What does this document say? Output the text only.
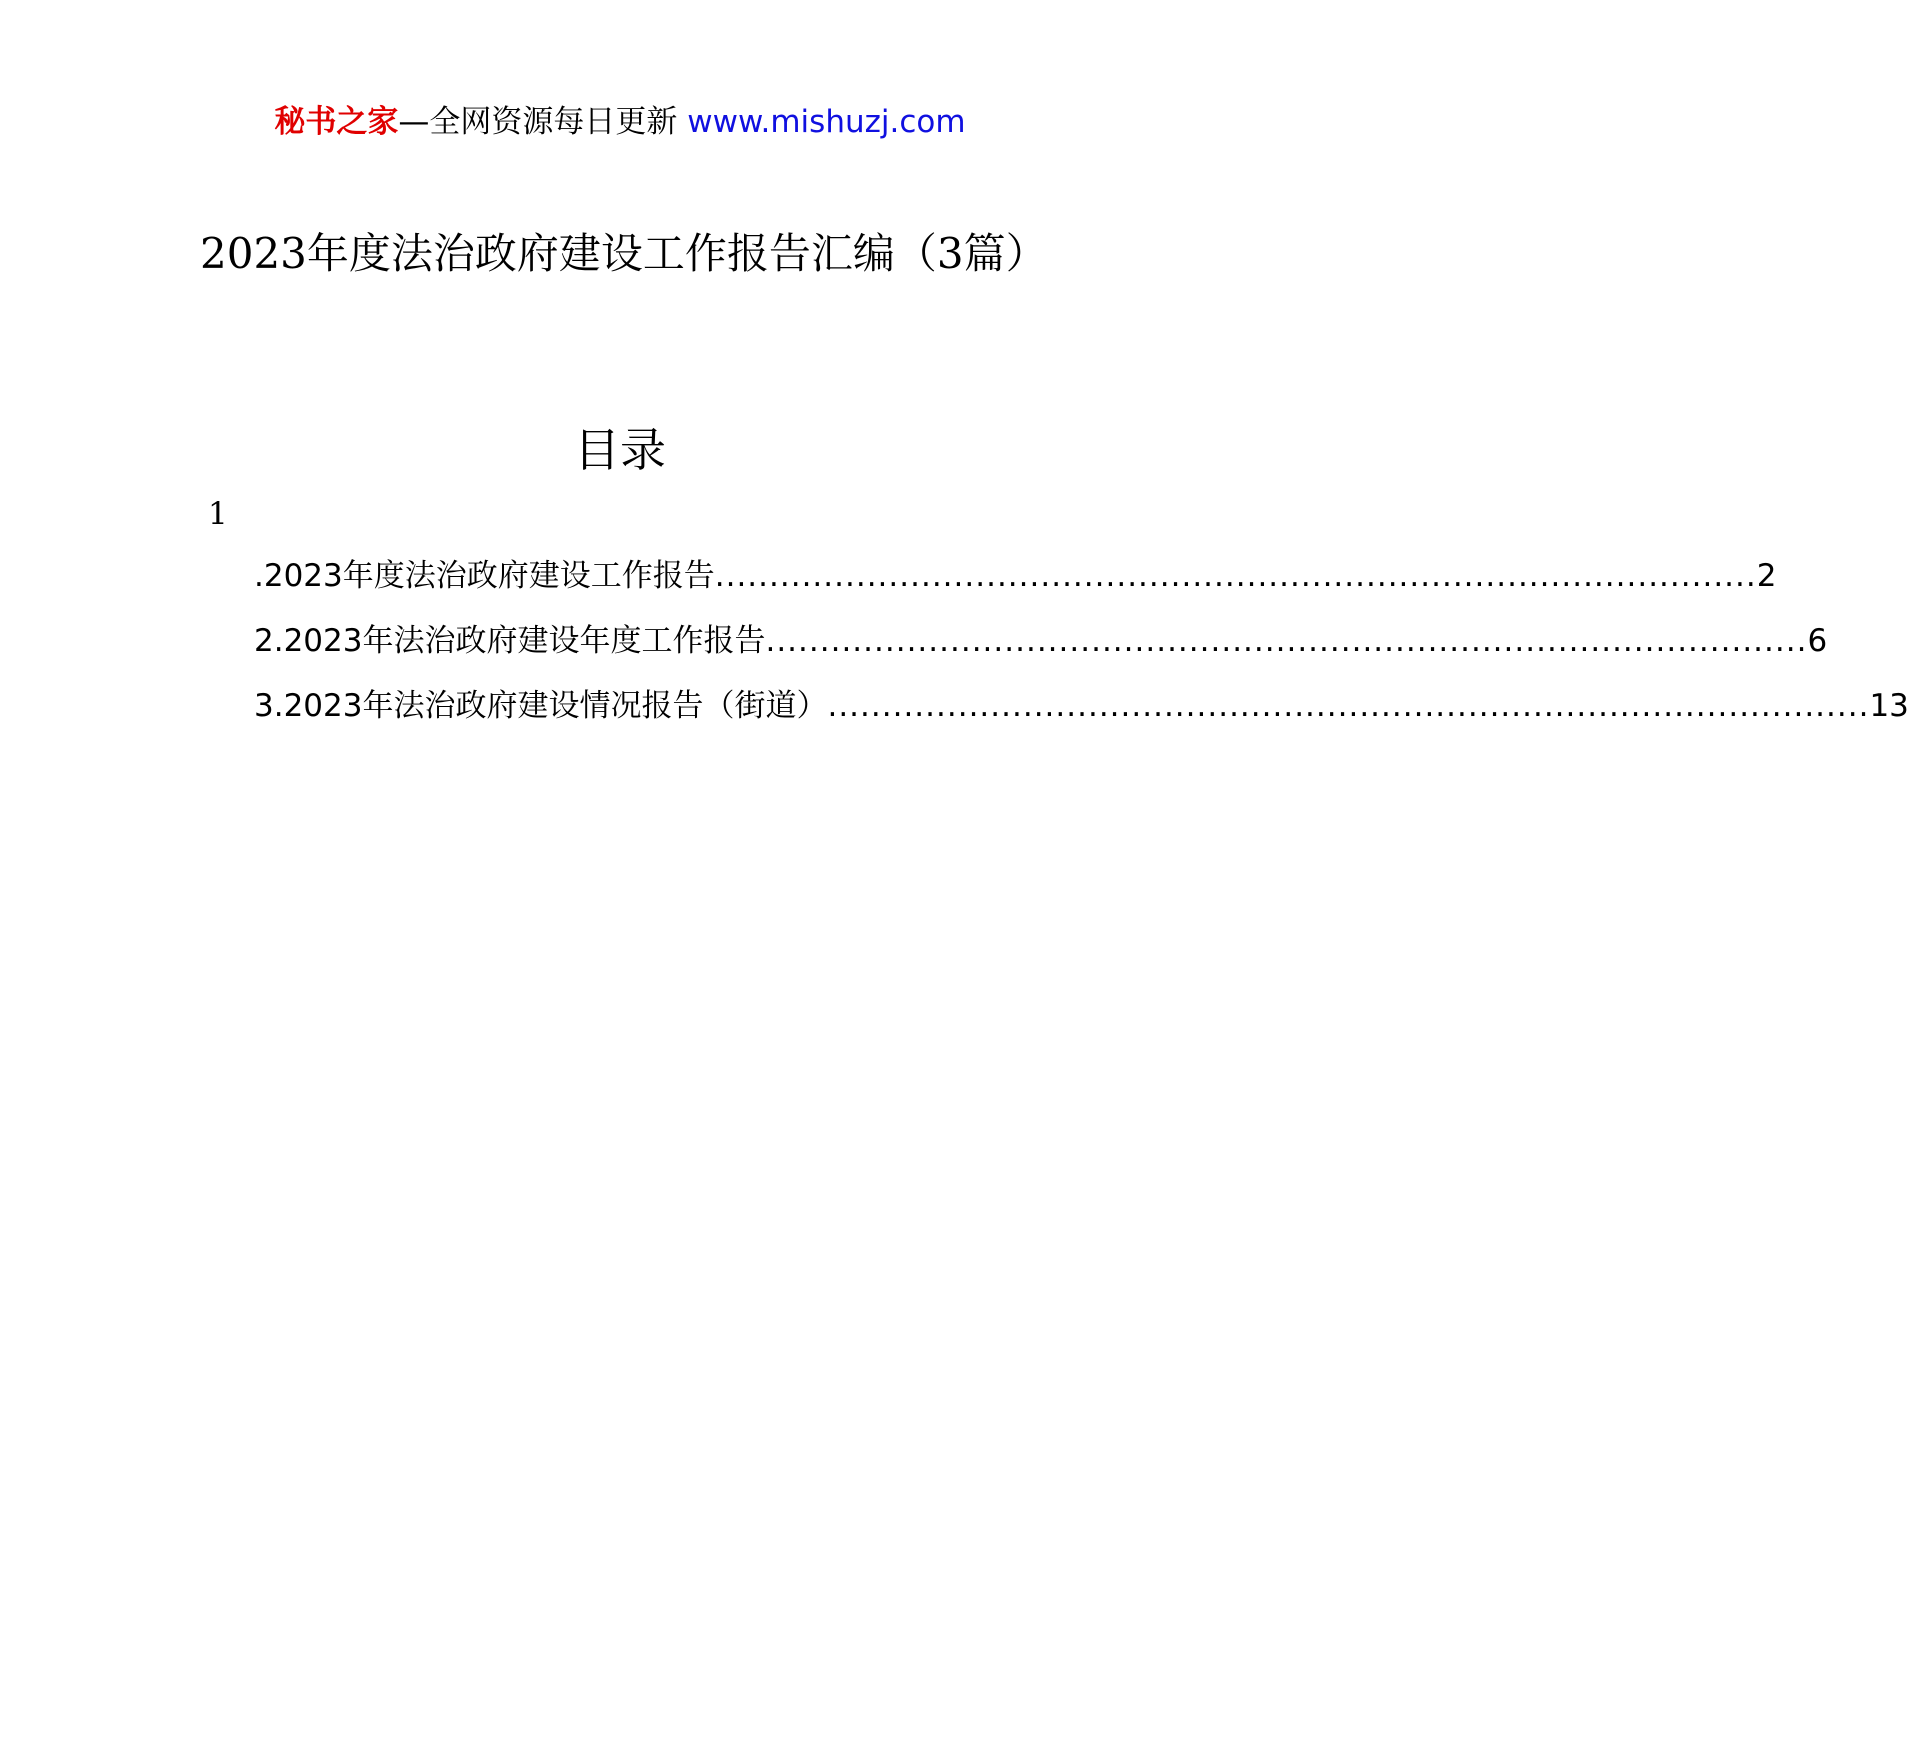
秘书之家—全网资源每日更新 www.mishuzj.com
2023年度法治政府建设工作报告汇编（3篇）
目录
1
.2023年度法治政府建设工作报告 ................................................................................................ 2
2.2023年法治政府建设年度工作报告 ................................................................................................ 6
3.2023年法治政府建设情况报告（街道） ................................................................................................ 13
